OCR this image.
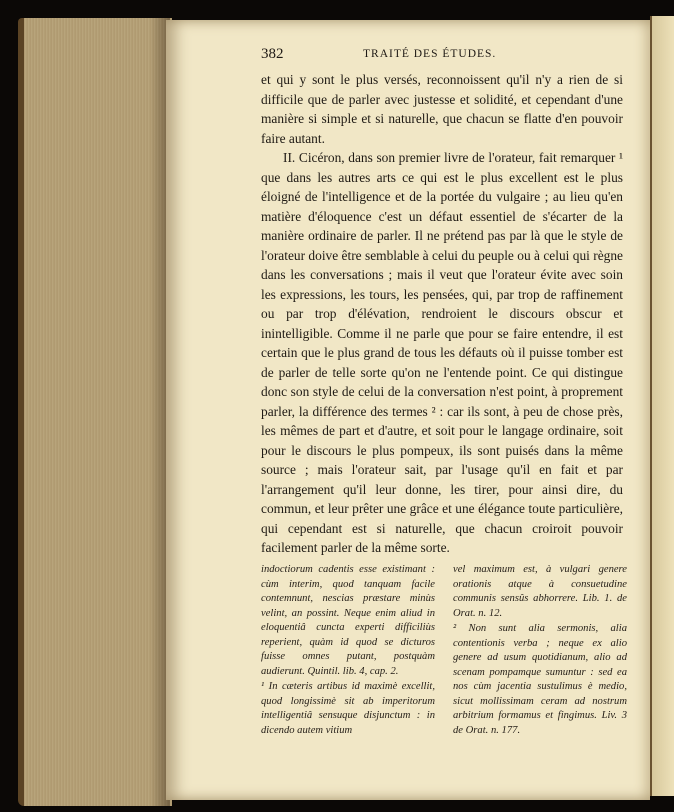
382	TRAITÉ DES ÉTUDES.

et qui y sont le plus versés, reconnoissent qu'il n'y a rien de si difficile que de parler avec justesse et solidité, et cependant d'une manière si simple et si naturelle, que chacun se flatte d'en pouvoir faire autant.

II. Cicéron, dans son premier livre de l'orateur, fait remarquer ¹ que dans les autres arts ce qui est le plus excellent est le plus éloigné de l'intelligence et de la portée du vulgaire ; au lieu qu'en matière d'éloquence c'est un défaut essentiel de s'écarter de la manière ordinaire de parler. Il ne prétend pas par là que le style de l'orateur doive être semblable à celui du peuple ou à celui qui règne dans les conversations ; mais il veut que l'orateur évite avec soin les expressions, les tours, les pensées, qui, par trop de raffinement ou par trop d'élévation, rendroient le discours obscur et inintelligible. Comme il ne parle que pour se faire entendre, il est certain que le plus grand de tous les défauts où il puisse tomber est de parler de telle sorte qu'on ne l'entende point. Ce qui distingue donc son style de celui de la conversation n'est point, à proprement parler, la différence des termes ² : car ils sont, à peu de chose près, les mêmes de part et d'autre, et soit pour le langage ordinaire, soit pour le discours le plus pompeux, ils sont puisés dans la même source ; mais l'orateur sait, par l'usage qu'il en fait et par l'arrangement qu'il leur donne, les tirer, pour ainsi dire, du commun, et leur prêter une grâce et une élégance toute particulière, qui cependant est si naturelle, que chacun croiroit pouvoir facilement parler de la même sorte.

indoctiorum cadentis esse existimant : cùm interim, quod tanquam facile contemnunt, nescias præstare minùs velint, an possint. Neque enim aliud in eloquentiâ cuncta experti difficiliùs reperient, quàm id quod se dicturos fuisse omnes putant, postquàm audierunt. Quintil. lib. 4, cap. 2.

¹ In cæteris artibus id maximè excellit, quod longissimè sit ab imperitorum intelligentiâ sensuque disjunctum : in dicendo autem vitium

vel maximum est, à vulgari genere orationis atque à consuetudine communis sensûs abhorrere. Lib. 1. de Orat. n. 12.

² Non sunt alia sermonis, alia contentionis verba ; neque ex alio genere ad usum quotidianum, alio ad scenam pompamque sumuntur : sed ea nos cùm jacentia sustulimus è medio, sicut mollissimam ceram ad nostrum arbitrium formamus et fingimus. Liv. 3 de Orat. n. 177.
